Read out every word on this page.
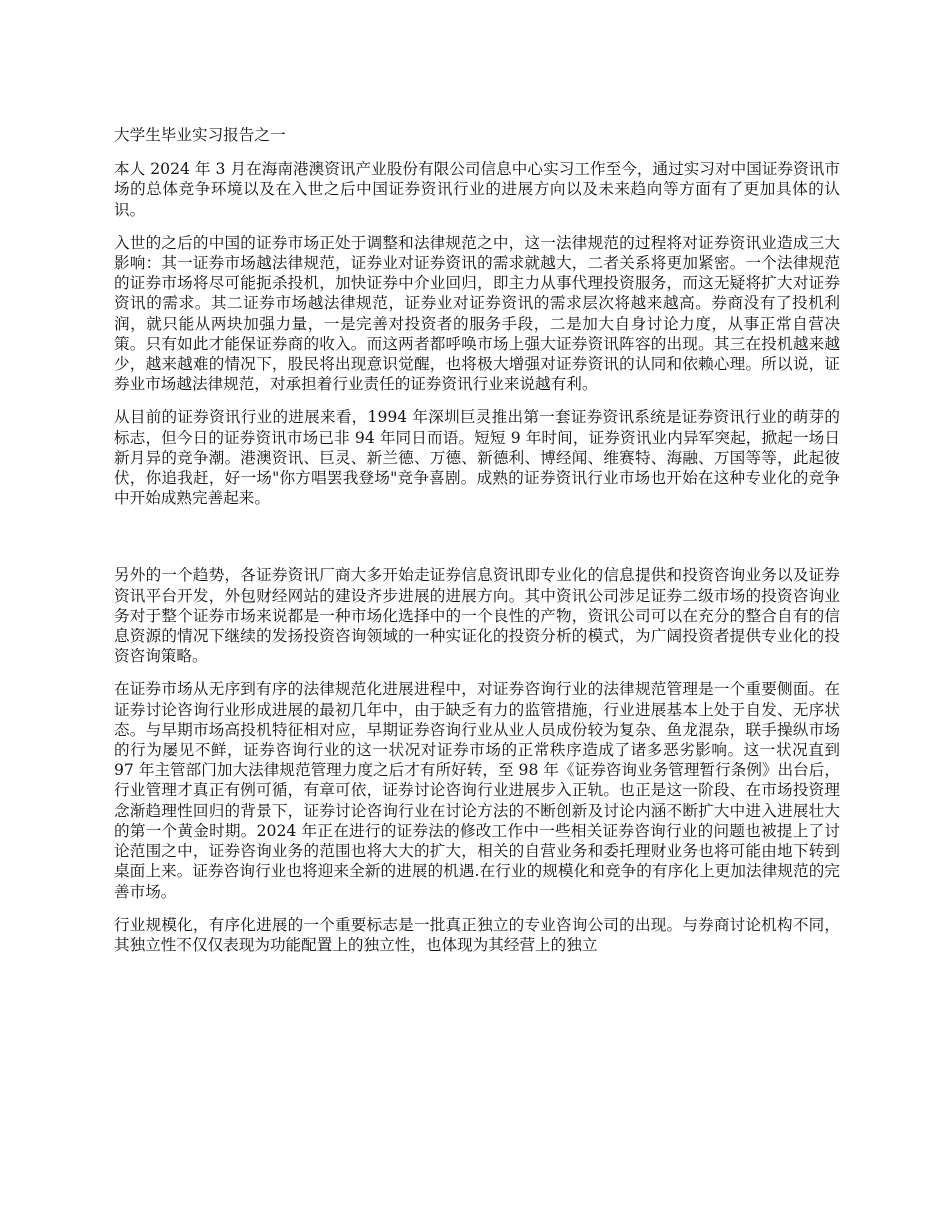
大学生毕业实习报告之一

本人 2024 年 3 月在海南港澳资讯产业股份有限公司信息中心实习工作至今，通过实习对中国证券资讯市场的总体竞争环境以及在入世之后中国证券资讯行业的进展方向以及未来趋向等方面有了更加具体的认识。

入世的之后的中国的证券市场正处于调整和法律规范之中，这一法律规范的过程将对证券资讯业造成三大影响：其一证券市场越法律规范，证券业对证券资讯的需求就越大，二者关系将更加紧密。一个法律规范的证券市场将尽可能扼杀投机，加快证券中介业回归，即主力从事代理投资服务，而这无疑将扩大对证券资讯的需求。其二证券市场越法律规范，证券业对证券资讯的需求层次将越来越高。券商没有了投机利润，就只能从两块加强力量，一是完善对投资者的服务手段，二是加大自身讨论力度，从事正常自营决策。只有如此才能保证券商的收入。而这两者都呼唤市场上强大证券资讯阵容的出现。其三在投机越来越少，越来越难的情况下，股民将出现意识觉醒，也将极大增强对证券资讯的认同和依赖心理。所以说，证券业市场越法律规范，对承担着行业责任的证券资讯行业来说越有利。

从目前的证券资讯行业的进展来看，1994 年深圳巨灵推出第一套证券资讯系统是证券资讯行业的萌芽的标志，但今日的证券资讯市场已非 94 年同日而语。短短 9 年时间，证券资讯业内异军突起，掀起一场日新月异的竞争潮。港澳资讯、巨灵、新兰德、万德、新德利、博经闻、维赛特、海融、万国等等，此起彼伏，你追我赶，好一场"你方唱罢我登场"竞争喜剧。成熟的证券资讯行业市场也开始在这种专业化的竞争中开始成熟完善起来。

另外的一个趋势，各证券资讯厂商大多开始走证券信息资讯即专业化的信息提供和投资咨询业务以及证券资讯平台开发，外包财经网站的建设齐步进展的进展方向。其中资讯公司涉足证券二级市场的投资咨询业务对于整个证券市场来说都是一种市场化选择中的一个良性的产物，资讯公司可以在充分的整合自有的信息资源的情况下继续的发扬投资咨询领域的一种实证化的投资分析的模式，为广阔投资者提供专业化的投资咨询策略。

在证券市场从无序到有序的法律规范化进展进程中，对证券咨询行业的法律规范管理是一个重要侧面。在证券讨论咨询行业形成进展的最初几年中，由于缺乏有力的监管措施，行业进展基本上处于自发、无序状态。与早期市场高投机特征相对应，早期证券咨询行业从业人员成份较为复杂、鱼龙混杂，联手操纵市场的行为屡见不鲜，证券咨询行业的这一状况对证券市场的正常秩序造成了诸多恶劣影响。这一状况直到 97 年主管部门加大法律规范管理力度之后才有所好转，至 98 年《证券咨询业务管理暂行条例》出台后，行业管理才真正有例可循，有章可依，证券讨论咨询行业进展步入正轨。也正是这一阶段、在市场投资理念渐趋理性回归的背景下，证券讨论咨询行业在讨论方法的不断创新及讨论内涵不断扩大中进入进展壮大的第一个黄金时期。2024 年正在进行的证券法的修改工作中一些相关证券咨询行业的问题也被提上了讨论范围之中，证券咨询业务的范围也将大大的扩大，相关的自营业务和委托理财业务也将可能由地下转到桌面上来。证券咨询行业也将迎来全新的进展的机遇.在行业的规模化和竞争的有序化上更加法律规范的完善市场。

行业规模化，有序化进展的一个重要标志是一批真正独立的专业咨询公司的出现。与券商讨论机构不同，其独立性不仅仅表现为功能配置上的独立性，也体现为其经营上的独立
